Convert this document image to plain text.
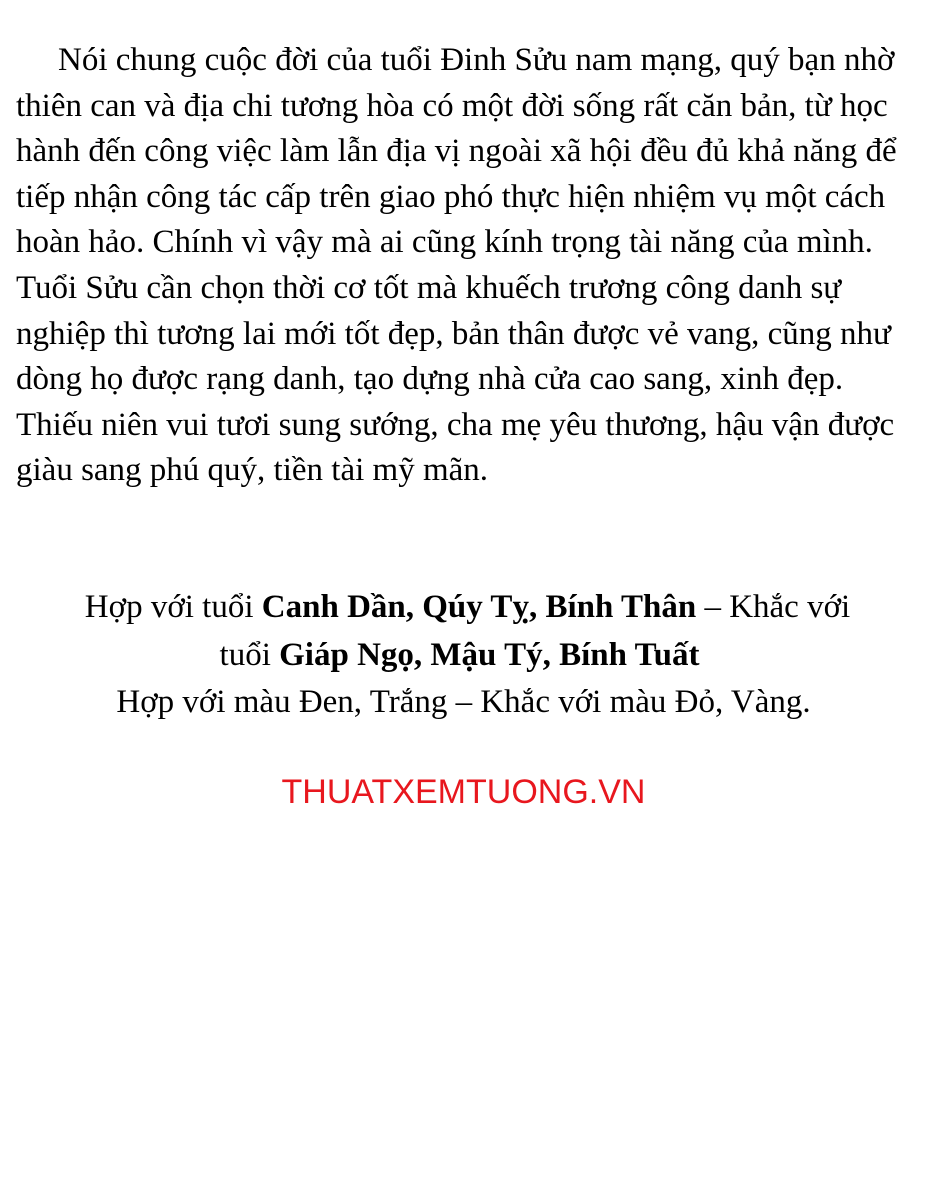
Nói chung cuộc đời của tuổi Đinh Sửu nam mạng, quý bạn nhờ thiên can và địa chi tương hòa có một đời sống rất căn bản, từ học hành đến công việc làm lẫn địa vị ngoài xã hội đều đủ khả năng để tiếp nhận công tác cấp trên giao phó thực hiện nhiệm vụ một cách hoàn hảo. Chính vì vậy mà ai cũng kính trọng tài năng của mình. Tuổi Sửu cần chọn thời cơ tốt mà khuếch trương công danh sự nghiệp thì tương lai mới tốt đẹp, bản thân được vẻ vang, cũng như dòng họ được rạng danh, tạo dựng nhà cửa cao sang, xinh đẹp. Thiếu niên vui tươi sung sướng, cha mẹ yêu thương, hậu vận được giàu sang phú quý, tiền tài mỹ mãn.

Hợp với tuổi Canh Dần, Qúy Tỵ, Bính Thân – Khắc với

tuổi Giáp Ngọ, Mậu Tý, Bính Tuất

Hợp với màu Đen, Trắng – Khắc với màu Đỏ, Vàng.

THUATXEMTUONG.VN
